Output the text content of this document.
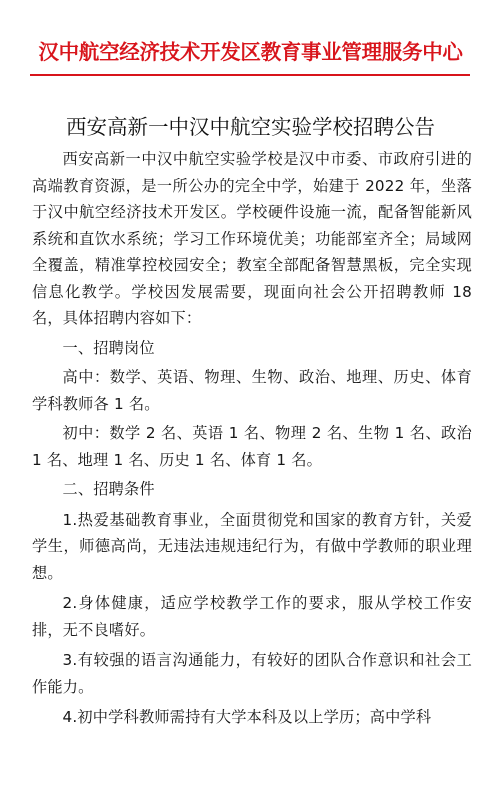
汉中航空经济技术开发区教育事业管理服务中心
西安高新一中汉中航空实验学校招聘公告

西安高新一中汉中航空实验学校是汉中市委、市政府引进的高端教育资源，是一所公办的完全中学，始建于 2022 年，坐落于汉中航空经济技术开发区。学校硬件设施一流，配备智能新风系统和直饮水系统；学习工作环境优美；功能部室齐全；局域网全覆盖，精准掌控校园安全；教室全部配备智慧黑板，完全实现信息化教学。学校因发展需要，现面向社会公开招聘教师 18 名，具体招聘内容如下：

一、招聘岗位

高中：数学、英语、物理、生物、政治、地理、历史、体育学科教师各 1 名。

初中：数学 2 名、英语 1 名、物理 2 名、生物 1 名、政治 1 名、地理 1 名、历史 1 名、体育 1 名。

二、招聘条件

1.热爱基础教育事业，全面贯彻党和国家的教育方针，关爱学生，师德高尚，无违法违规违纪行为，有做中学教师的职业理想。

2.身体健康，适应学校教学工作的要求，服从学校工作安排，无不良嗜好。

3.有较强的语言沟通能力，有较好的团队合作意识和社会工作能力。

4.初中学科教师需持有大学本科及以上学历；高中学科
